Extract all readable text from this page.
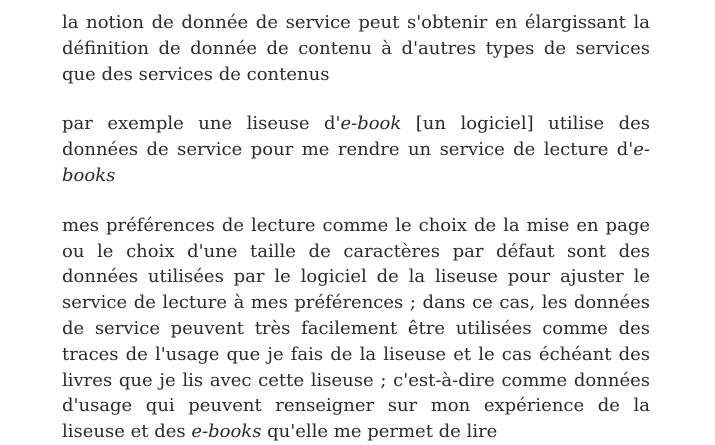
la notion de donnée de service peut s'obtenir en élargissant la définition de donnée de contenu à d'autres types de services que des services de contenus

par exemple une liseuse d'e-book [un logiciel] utilise des données de service pour me rendre un service de lecture d'e-books

mes préférences de lecture comme le choix de la mise en page ou le choix d'une taille de caractères par défaut sont des données utilisées par le logiciel de la liseuse pour ajuster le service de lecture à mes préférences ; dans ce cas, les données de service peuvent très facilement être utilisées comme des traces de l'usage que je fais de la liseuse et le cas échéant des livres que je lis avec cette liseuse ; c'est-à-dire comme données d'usage qui peuvent renseigner sur mon expérience de la liseuse et des e-books qu'elle me permet de lire
